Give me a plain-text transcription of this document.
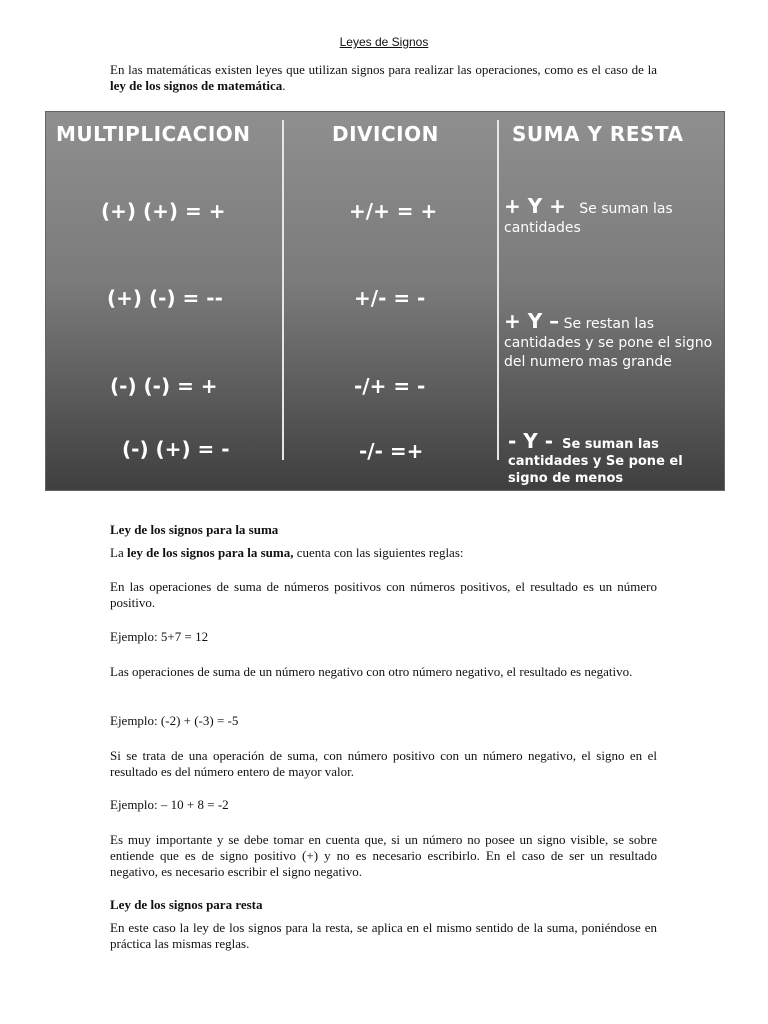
Leyes de Signos
En las matemáticas existen leyes que utilizan signos para realizar las operaciones, como es el caso de la ley de los signos de matemática.
MULTIPLICACION	DIVICION	SUMA Y RESTA
(+) (+) = +
(+) (-) = --
(-) (-) = +
(-) (+) = -
+/+ = +
+/- = -
-/+ = -
-/- =+
+ Y + Se suman las cantidades
+ Y – Se restan las cantidades y se pone el signo del numero mas grande
- Y - Se suman las cantidades y Se pone el signo de menos
Ley de los signos para la suma
La ley de los signos para la suma, cuenta con las siguientes reglas:
En las operaciones de suma de números positivos con números positivos, el resultado es un número positivo.
Ejemplo: 5+7 = 12
Las operaciones de suma de un número negativo con otro número negativo, el resultado es negativo.
Ejemplo: (-2) + (-3) = -5
Si se trata de una operación de suma, con número positivo con un número negativo, el signo en el resultado es del número entero de mayor valor.
Ejemplo: – 10 + 8 = -2
Es muy importante y se debe tomar en cuenta que, si un número no posee un signo visible, se sobre entiende que es de signo positivo (+) y no es necesario escribirlo. En el caso de ser un resultado negativo, es necesario escribir el signo negativo.
Ley de los signos para resta
En este caso la ley de los signos para la resta, se aplica en el mismo sentido de la suma, poniéndose en práctica las mismas reglas.
